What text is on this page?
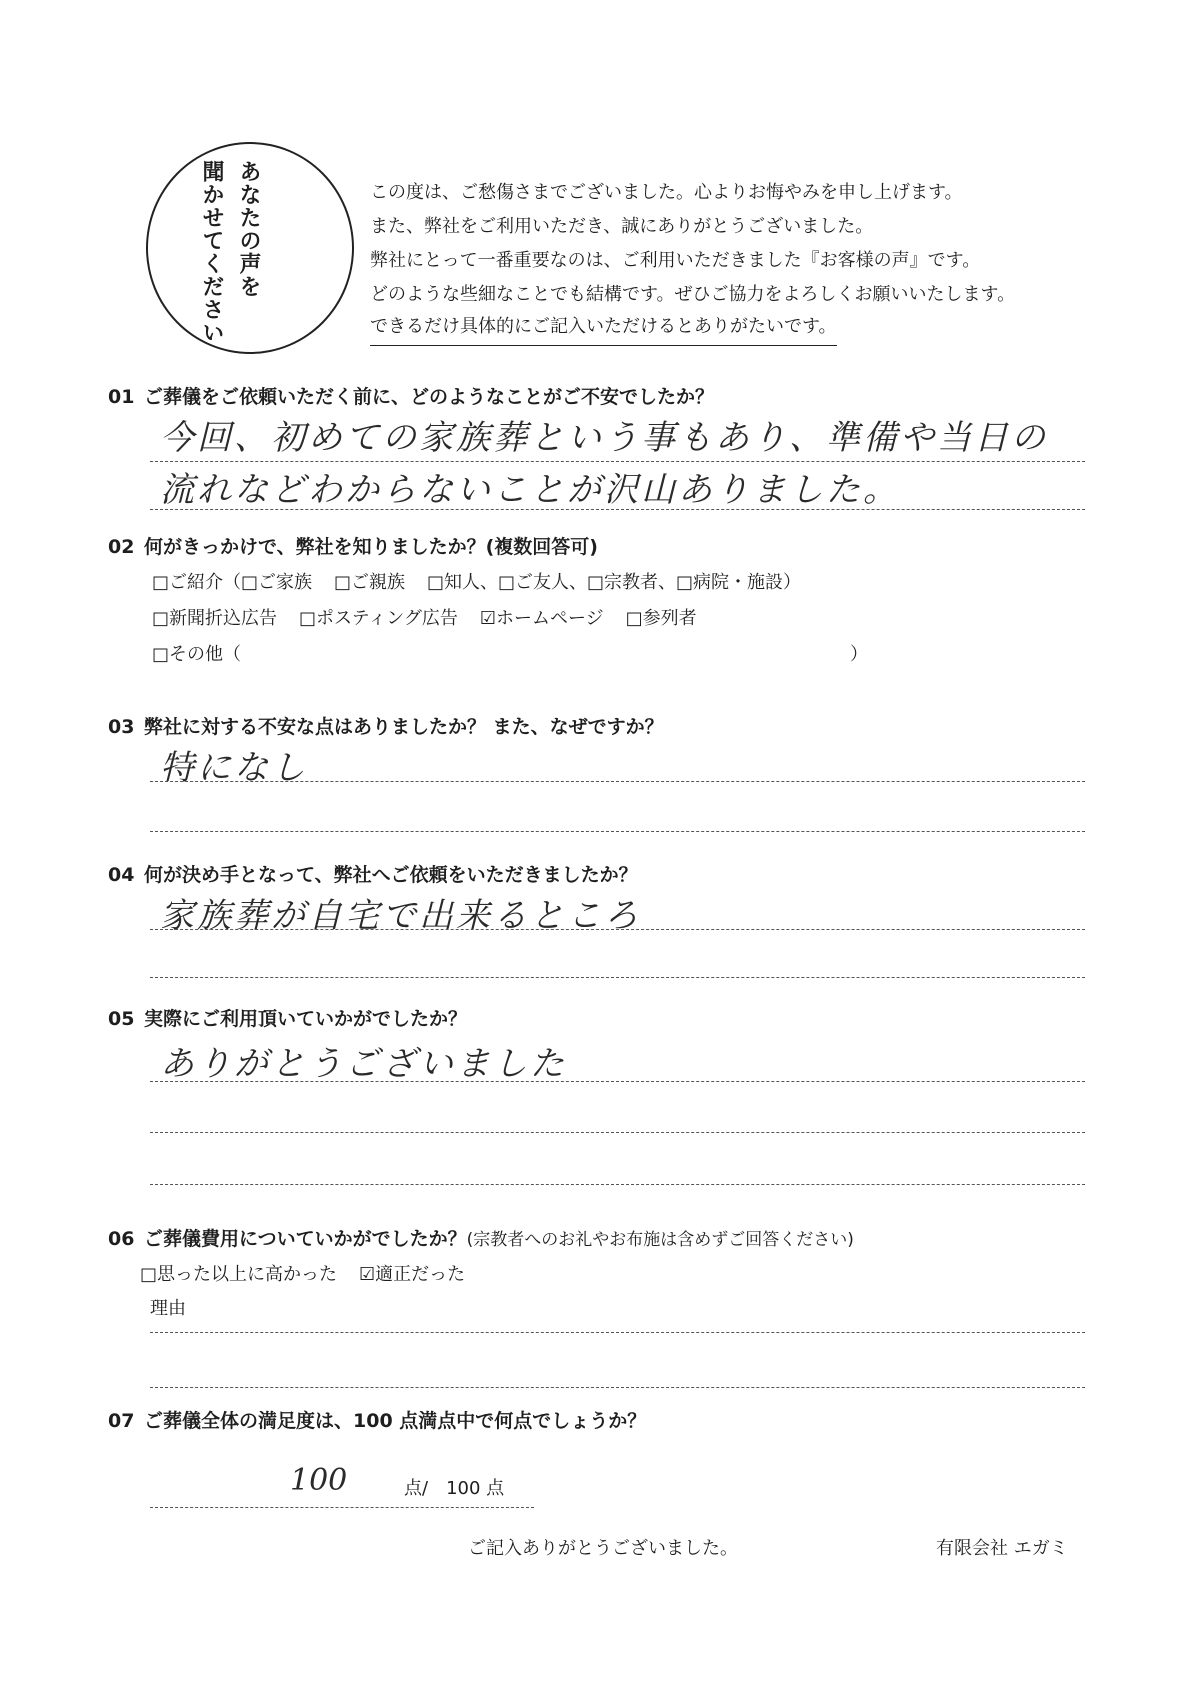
あなたの声を
聞かせてください	この度は、ご愁傷さまでございました。心よりお悔やみを申し上げます。
また、弊社をご利用いただき、誠にありがとうございました。
弊社にとって一番重要なのは、ご利用いただきました『お客様の声』です。
どのような些細なことでも結構です。ぜひご協力をよろしくお願いいたします。
できるだけ具体的にご記入いただけるとありがたいです。
01 ご葬儀をご依頼いただく前に、どのようなことがご不安でしたか？
今回、初めての家族葬という事もあり、準備や当日の
流れなどわからないことが沢山ありました。
02 何がきっかけで、弊社を知りましたか？(複数回答可)
□ご紹介（□ご家族 □ご親族 □知人、□ご友人、□宗教者、□病院・施設）
□新聞折込広告 □ポスティング広告 ☑ホームページ □参列者
□その他（	）
03 弊社に対する不安な点はありましたか？ また、なぜですか？
特になし
04 何が決め手となって、弊社へご依頼をいただきましたか？
家族葬が自宅で出来るところ
05 実際にご利用頂いていかがでしたか？
ありがとうございました
06 ご葬儀費用についていかがでしたか？(宗教者へのお礼やお布施は含めずご回答ください)
□思った以上に高かった ☑適正だった
理由
07 ご葬儀全体の満足度は、100 点満点中で何点でしょうか？
100	点/　100 点
ご記入ありがとうございました。	有限会社 エガミ
